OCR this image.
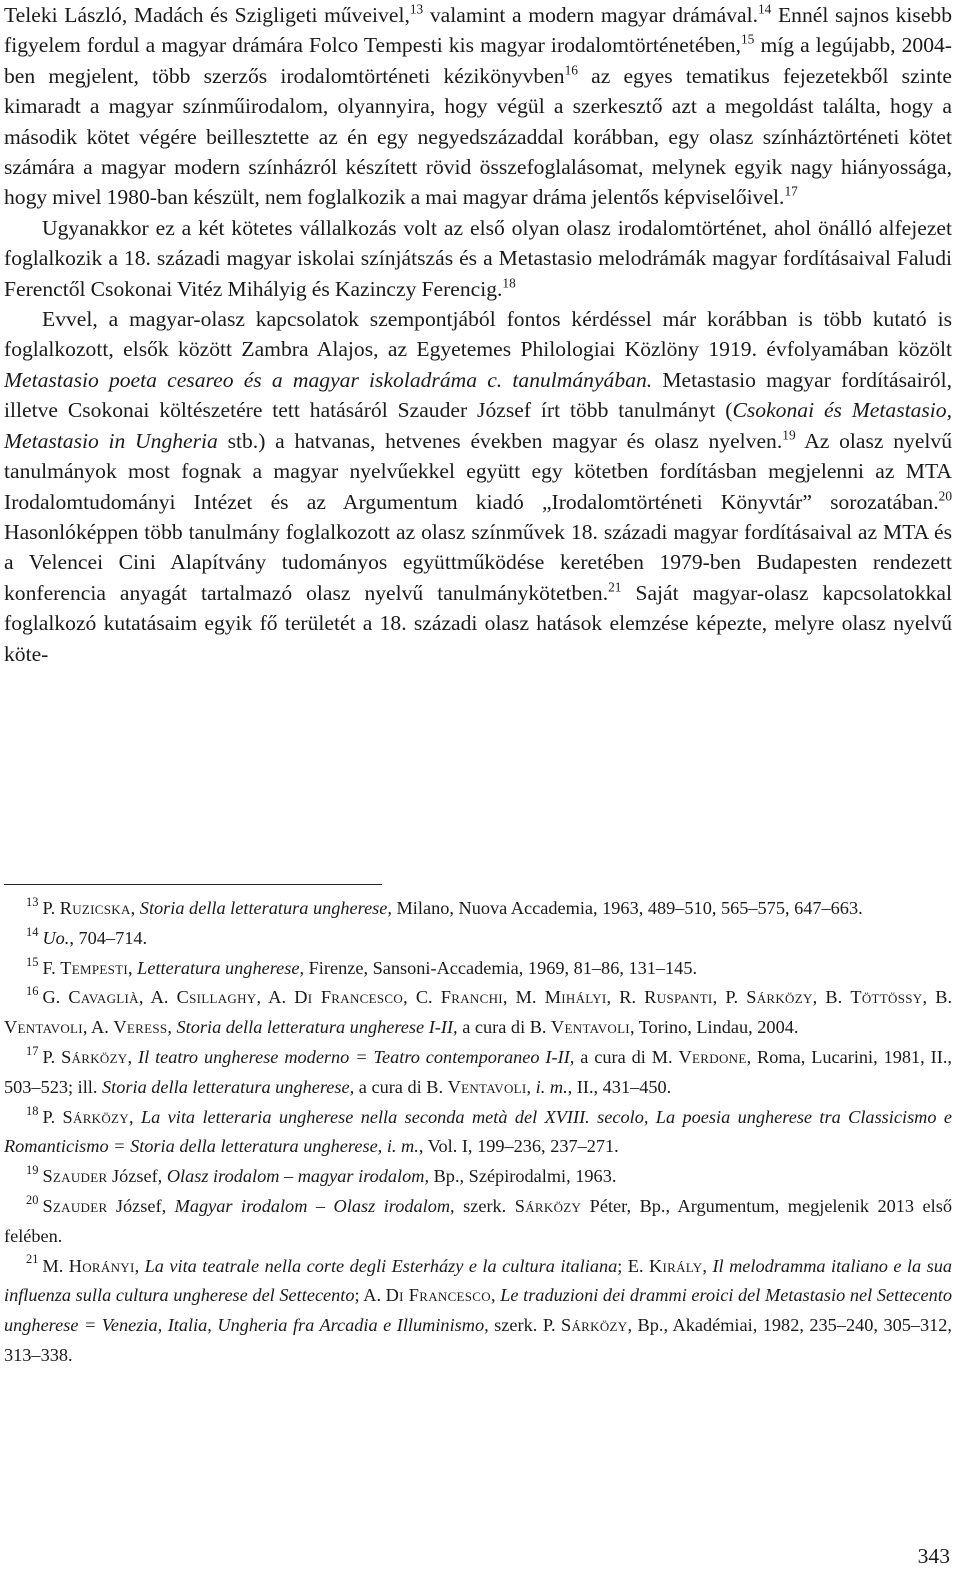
Teleki László, Madách és Szigligeti műveivel,$^{13}$ valamint a modern magyar drámával.$^{14}$ Ennél sajnos kisebb figyelem fordul a magyar drámára Folco Tempesti kis magyar irodalomtörténetében,$^{15}$ míg a legújabb, 2004-ben megjelent, több szerzős irodalomtörténeti kézikönyvben$^{16}$ az egyes tematikus fejezetekből szinte kimaradt a magyar színműirodalom, olyannyira, hogy végül a szerkesztő azt a megoldást találta, hogy a második kötet végére beillesztette az én egy negyedszázaddal korábban, egy olasz színháztörténeti kötet számára a magyar modern színházról készített rövid összefoglalásomat, melynek egyik nagy hiányossága, hogy mivel 1980-ban készült, nem foglalkozik a mai magyar dráma jelentős képviselőivel.$^{17}$

Ugyanakkor ez a két kötetes vállalkozás volt az első olyan olasz irodalomtörténet, ahol önálló alfejezet foglalkozik a 18. századi magyar iskolai színjátszás és a Metastasio melodrámák magyar fordításaival Faludi Ferenctől Csokonai Vitéz Mihályig és Kazinczy Ferencig.$^{18}$

Evvel, a magyar-olasz kapcsolatok szempontjából fontos kérdéssel már korábban is több kutató is foglalkozott, elsők között Zambra Alajos, az Egyetemes Philologiai Közlöny 1919. évfolyamában közölt Metastasio poeta cesareo és a magyar iskoladráma c. tanulmányában. Metastasio magyar fordításairól, illetve Csokonai költészetére tett hatásáról Szauder József írt több tanulmányt (Csokonai és Metastasio, Metastasio in Ungheria stb.) a hatvanas, hetvenes években magyar és olasz nyelven.$^{19}$ Az olasz nyelvű tanulmányok most fognak a magyar nyelvűekkel együtt egy kötetben fordításban megjelenni az MTA Irodalomtudományi Intézet és az Argumentum kiadó „Irodalomtörténeti Könyvtár” sorozatában.$^{20}$ Hasonlóképpen több tanulmány foglalkozott az olasz színművek 18. századi magyar fordításaival az MTA és a Velencei Cini Alapítvány tudományos együttműködése keretében 1979-ben Budapesten rendezett konferencia anyagát tartalmazó olasz nyelvű tanulmánykötetben.$^{21}$ Saját magyar-olasz kapcsolatokkal foglalkozó kutatásaim egyik fő területét a 18. századi olasz hatások elemzése képezte, melyre olasz nyelvű köte-

$^{13}$ P. Ruzicska, Storia della letteratura ungherese, Milano, Nuova Accademia, 1963, 489–510, 565–575, 647–663.

$^{14}$ Uo., 704–714.

$^{15}$ F. Tempesti, Letteratura ungherese, Firenze, Sansoni-Accademia, 1969, 81–86, 131–145.

$^{16}$ G. Cavaglià, A. Csillaghy, A. Di Francesco, C. Franchi, M. Mihályi, R. Ruspanti, P. Sárközy, B. Töttössy, B. Ventavoli, A. Veress, Storia della letteratura ungherese I-II, a cura di B. Ventavoli, Torino, Lindau, 2004.

$^{17}$ P. Sárközy, Il teatro ungherese moderno = Teatro contemporaneo I-II, a cura di M. Verdone, Roma, Lucarini, 1981, II., 503–523; ill. Storia della letteratura ungherese, a cura di B. Ventavoli, i. m., II., 431–450.

$^{18}$ P. Sárközy, La vita letteraria ungherese nella seconda metà del XVIII. secolo, La poesia ungherese tra Classicismo e Romanticismo = Storia della letteratura ungherese, i. m., Vol. I, 199–236, 237–271.

$^{19}$ Szauder József, Olasz irodalom – magyar irodalom, Bp., Szépirodalmi, 1963.

$^{20}$ Szauder József, Magyar irodalom – Olasz irodalom, szerk. Sárközy Péter, Bp., Argumentum, megjelenik 2013 első felében.

$^{21}$ M. Horányi, La vita teatrale nella corte degli Esterházy e la cultura italiana; E. Király, Il melodramma italiano e la sua influenza sulla cultura ungherese del Settecento; A. Di Francesco, Le traduzioni dei drammi eroici del Metastasio nel Settecento ungherese = Venezia, Italia, Ungheria fra Arcadia e Illuminismo, szerk. P. Sárközy, Bp., Akadémiai, 1982, 235–240, 305–312, 313–338.

343
